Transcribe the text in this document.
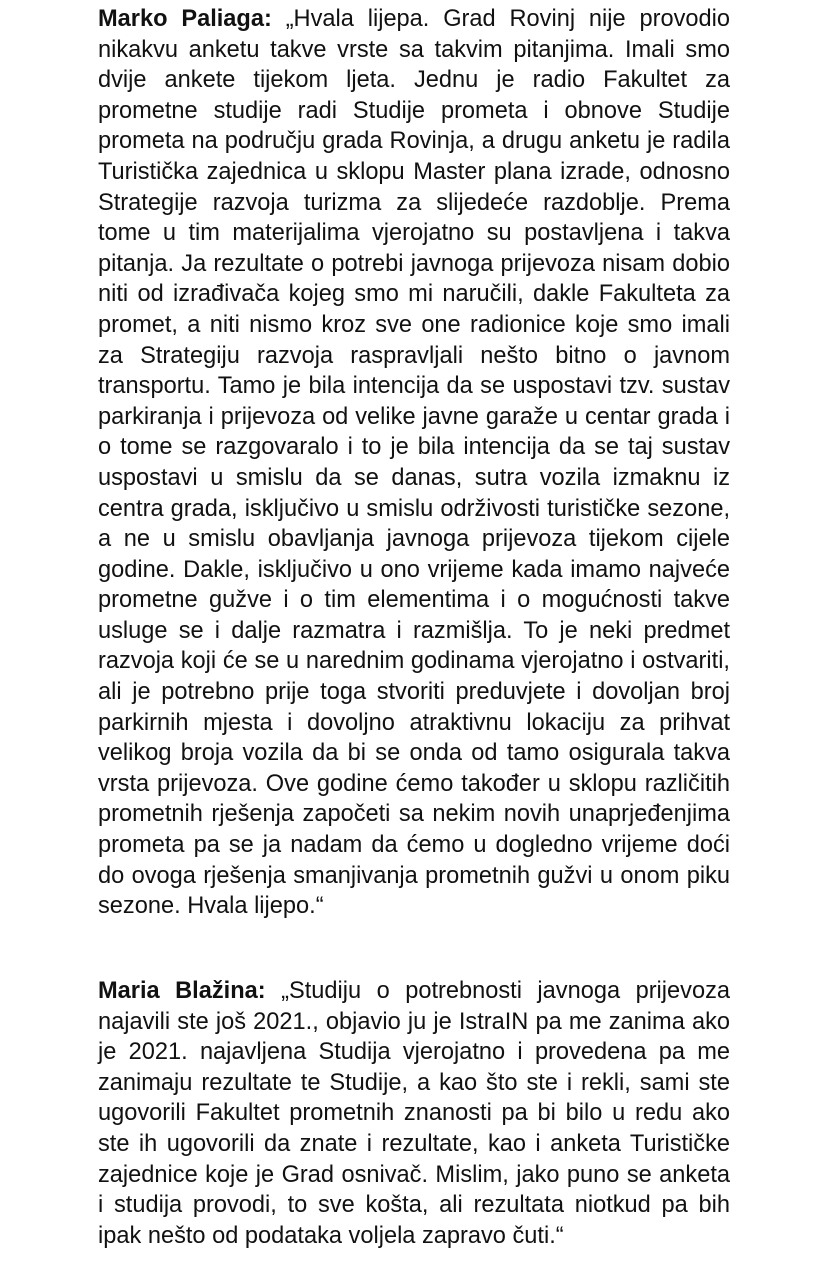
Marko Paliaga: „Hvala lijepa. Grad Rovinj nije provodio nikakvu anketu takve vrste sa takvim pitanjima. Imali smo dvije ankete tijekom ljeta. Jednu je radio Fakultet za prometne studije radi Studije prometa i obnove Studije prometa na području grada Rovinja, a drugu anketu je radila Turistička zajednica u sklopu Master plana izrade, odnosno Strategije razvoja turizma za slijedeće razdoblje. Prema tome u tim materijalima vjerojatno su postavljena i takva pitanja. Ja rezultate o potrebi javnoga prijevoza nisam dobio niti od izrađivača kojeg smo mi naručili, dakle Fakulteta za promet, a niti nismo kroz sve one radionice koje smo imali za Strategiju razvoja raspravljali nešto bitno o javnom transportu. Tamo je bila intencija da se uspostavi tzv. sustav parkiranja i prijevoza od velike javne garaže u centar grada i o tome se razgovaralo i to je bila intencija da se taj sustav uspostavi u smislu da se danas, sutra vozila izmaknu iz centra grada, isključivo u smislu održivosti turističke sezone, a ne u smislu obavljanja javnoga prijevoza tijekom cijele godine. Dakle, isključivo u ono vrijeme kada imamo najveće prometne gužve i o tim elementima i o mogućnosti takve usluge se i dalje razmatra i razmišlja. To je neki predmet razvoja koji će se u narednim godinama vjerojatno i ostvariti, ali je potrebno prije toga stvoriti preduvjete i dovoljan broj parkirnih mjesta i dovoljno atraktivnu lokaciju za prihvat velikog broja vozila da bi se onda od tamo osigurala takva vrsta prijevoza. Ove godine ćemo također u sklopu različitih prometnih rješenja započeti sa nekim novih unaprjeđenjima prometa pa se ja nadam da ćemo u dogledno vrijeme doći do ovoga rješenja smanjivanja prometnih gužvi u onom piku sezone. Hvala lijepo.“

Maria Blažina: „Studiju o potrebnosti javnoga prijevoza najavili ste još 2021., objavio ju je IstraIN pa me zanima ako je 2021. najavljena Studija vjerojatno i provedena pa me zanimaju rezultate te Studije, a kao što ste i rekli, sami ste ugovorili Fakultet prometnih znanosti pa bi bilo u redu ako ste ih ugovorili da znate i rezultate, kao i anketa Turističke zajednice koje je Grad osnivač. Mislim, jako puno se anketa i studija provodi, to sve košta, ali rezultata niotkud pa bih ipak nešto od podataka voljela zapravo čuti.“
